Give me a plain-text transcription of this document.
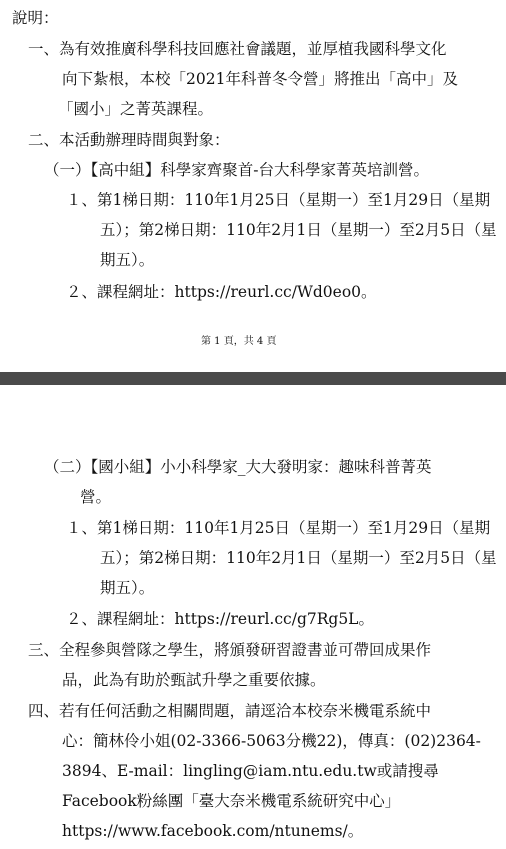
說明：
一、為有效推廣科學科技回應社會議題，並厚植我國科學文化
向下紮根，本校「2021年科普冬令營」將推出「高中」及
「國小」之菁英課程。
二、本活動辦理時間與對象：
（一）【高中組】科學家齊聚首-台大科學家菁英培訓營。
１、第1梯日期：110年1月25日（星期一）至1月29日（星期
五）；第2梯日期：110年2月1日（星期一）至2月5日（星
期五）。
２、課程網址：https://reurl.cc/Wd0eo0。
第 1 頁，共 4 頁
（二）【國小組】小小科學家_大大發明家：趣味科普菁英
營。
１、第1梯日期：110年1月25日（星期一）至1月29日（星期
五）；第2梯日期：110年2月1日（星期一）至2月5日（星
期五）。
２、課程網址：https://reurl.cc/g7Rg5L。
三、全程參與營隊之學生，將頒發研習證書並可帶回成果作
品，此為有助於甄試升學之重要依據。
四、若有任何活動之相關問題，請逕洽本校奈米機電系統中
心：簡林伶小姐(02-3366-5063分機22)，傳真：(02)2364-
3894、E-mail：lingling@iam.ntu.edu.tw或請搜尋
Facebook粉絲團「臺大奈米機電系統研究中心」
https://www.facebook.com/ntunems/。
